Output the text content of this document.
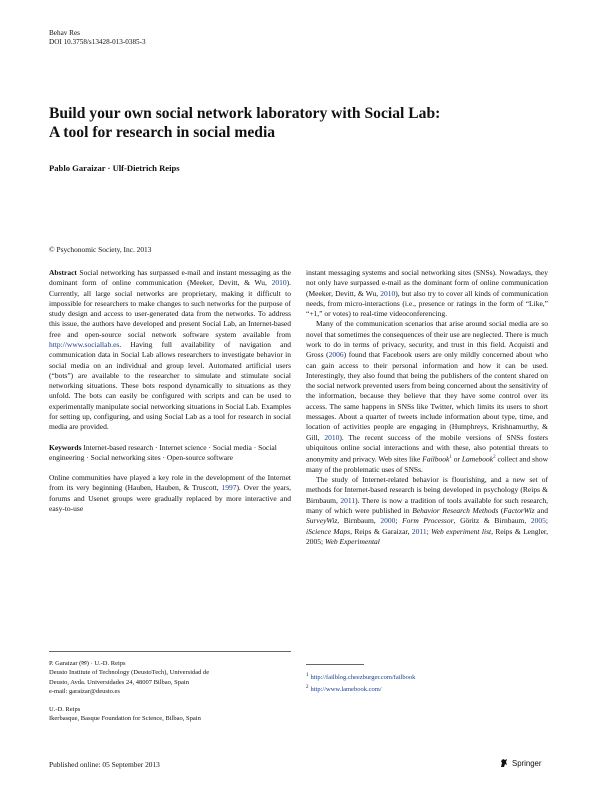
Behav Res
DOI 10.3758/s13428-013-0385-3
Build your own social network laboratory with Social Lab:
A tool for research in social media
Pablo Garaizar · Ulf-Dietrich Reips
© Psychonomic Society, Inc. 2013

Abstract Social networking has surpassed e-mail and instant messaging as the dominant form of online communication (Meeker, Devitt, & Wu, 2010). Currently, all large social networks are proprietary, making it difficult to impossible for researchers to make changes to such networks for the purpose of study design and access to user-generated data from the networks. To address this issue, the authors have developed and present Social Lab, an Internet-based free and open-source social network software system available from http://www.sociallab.es. Having full availability of navigation and communication data in Social Lab allows researchers to investigate behavior in social media on an individual and group level. Automated artificial users (“bots”) are available to the researcher to simulate and stimulate social networking situations. These bots respond dynamically to situations as they unfold. The bots can easily be configured with scripts and can be used to experimentally manipulate social networking situations in Social Lab. Examples for setting up, configuring, and using Social Lab as a tool for research in social media are provided.

Keywords Internet-based research · Internet science · Social media · Social engineering · Social networking sites · Open-source software

Online communities have played a key role in the development of the Internet from its very beginning (Hauben, Hauben, & Truscott, 1997). Over the years, forums and Usenet groups were gradually replaced by more interactive and easy-to-use

P. Garaizar (✉) · U.-D. Reips
Deusto Institute of Technology (DeustoTech), Universidad de
Deusto, Avda. Universidades 24, 48007 Bilbao, Spain
e-mail: garaizar@deusto.es
U.-D. Reips
Ikerbasque, Basque Foundation for Science, Bilbao, Spain

instant messaging systems and social networking sites (SNSs). Nowadays, they not only have surpassed e-mail as the dominant form of online communication (Meeker, Devitt, & Wu, 2010), but also try to cover all kinds of communication needs, from micro-interactions (i.e., presence or ratings in the form of “Like,” “+1,” or votes) to real-time videoconferencing.

Many of the communication scenarios that arise around social media are so novel that sometimes the consequences of their use are neglected. There is much work to do in terms of privacy, security, and trust in this field. Acquisti and Gross (2006) found that Facebook users are only mildly concerned about who can gain access to their personal information and how it can be used. Interestingly, they also found that being the publishers of the content shared on the social network prevented users from being concerned about the sensitivity of the information, because they believe that they have some control over its access. The same happens in SNSs like Twitter, which limits its users to short messages. About a quarter of tweets include information about type, time, and location of activities people are engaging in (Humphreys, Krishnamurthy, & Gill, 2010). The recent success of the mobile versions of SNSs fosters ubiquitous online social interactions and with these, also potential threats to anonymity and privacy. Web sites like Failbook$^1$ or Lamebook$^2$ collect and show many of the problematic uses of SNSs.

The study of Internet-related behavior is flourishing, and a new set of methods for Internet-based research is being developed in psychology (Reips & Birnbaum, 2011). There is now a tradition of tools available for such research, many of which were published in Behavior Research Methods (FactorWiz and SurveyWiz, Birnbaum, 2000; Form Processor, Göritz & Birnbaum, 2005; iScience Maps, Reips & Garaizar, 2011; Web experiment list, Reips & Lengler, 2005; Web Experimental

$^1$ http://failblog.cheezburger.com/failbook
$^2$ http://www.lamebook.com/
Published online: 05 September 2013	Springer
